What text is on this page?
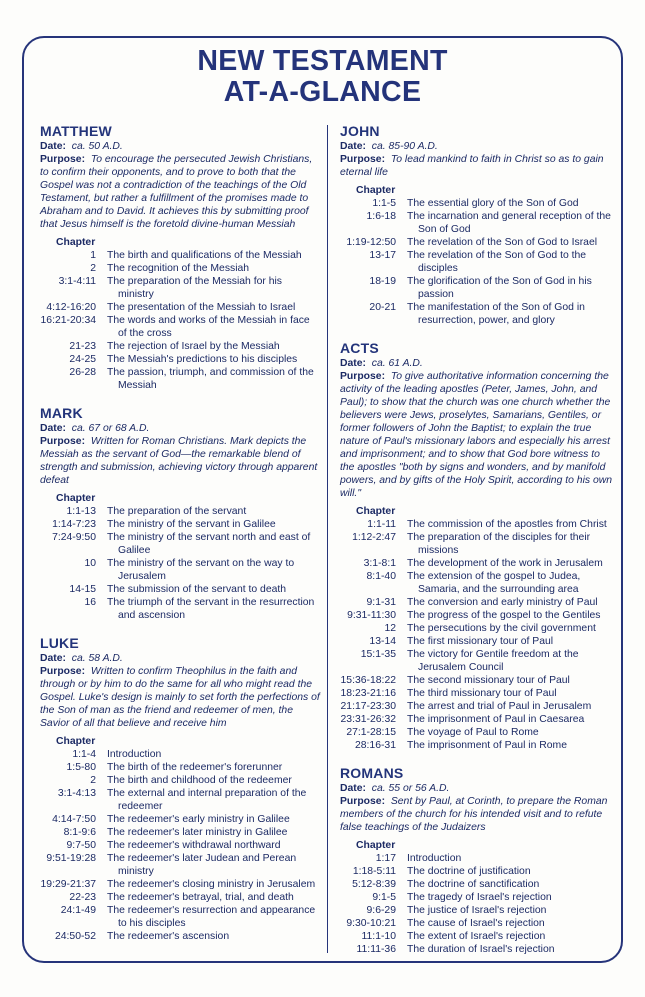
NEW TESTAMENT
AT-A-GLANCE
MATTHEW

Date: ca. 50 A.D.

Purpose: To encourage the persecuted Jewish Christians, to confirm their opponents, and to prove to both that the Gospel was not a contradiction of the teachings of the Old Testament, but rather a fulfillment of the promises made to Abraham and to David. It achieves this by submitting proof that Jesus himself is the foretold divine-human Messiah

Chapter
1	The birth and qualifications of the Messiah
2	The recognition of the Messiah
3:1-4:11	The preparation of the Messiah for his ministry
4:12-16:20	The presentation of the Messiah to Israel
16:21-20:34	The words and works of the Messiah in face of the cross
21-23	The rejection of Israel by the Messiah
24-25	The Messiah's predictions to his disciples
26-28	The passion, triumph, and commission of the Messiah
MARK

Date: ca. 67 or 68 A.D.

Purpose: Written for Roman Christians. Mark depicts the Messiah as the servant of God—the remarkable blend of strength and submission, achieving victory through apparent defeat

Chapter
1:1-13	The preparation of the servant
1:14-7:23	The ministry of the servant in Galilee
7:24-9:50	The ministry of the servant north and east of Galilee
10	The ministry of the servant on the way to Jerusalem
14-15	The submission of the servant to death
16	The triumph of the servant in the resurrection and ascension
LUKE

Date: ca. 58 A.D.

Purpose: Written to confirm Theophilus in the faith and through or by him to do the same for all who might read the Gospel. Luke's design is mainly to set forth the perfections of the Son of man as the friend and redeemer of men, the Savior of all that believe and receive him

Chapter
1:1-4	Introduction
1:5-80	The birth of the redeemer's forerunner
2	The birth and childhood of the redeemer
3:1-4:13	The external and internal preparation of the redeemer
4:14-7:50	The redeemer's early ministry in Galilee
8:1-9:6	The redeemer's later ministry in Galilee
9:7-50	The redeemer's withdrawal northward
9:51-19:28	The redeemer's later Judean and Perean ministry
19:29-21:37	The redeemer's closing ministry in Jerusalem
22-23	The redeemer's betrayal, trial, and death
24:1-49	The redeemer's resurrection and appearance to his disciples
24:50-52	The redeemer's ascension
JOHN

Date: ca. 85-90 A.D.

Purpose: To lead mankind to faith in Christ so as to gain eternal life

Chapter
1:1-5	The essential glory of the Son of God
1:6-18	The incarnation and general reception of the Son of God
1:19-12:50	The revelation of the Son of God to Israel
13-17	The revelation of the Son of God to the disciples
18-19	The glorification of the Son of God in his passion
20-21	The manifestation of the Son of God in resurrection, power, and glory
ACTS

Date: ca. 61 A.D.

Purpose: To give authoritative information concerning the activity of the leading apostles (Peter, James, John, and Paul); to show that the church was one church whether the believers were Jews, proselytes, Samarians, Gentiles, or former followers of John the Baptist; to explain the true nature of Paul's missionary labors and especially his arrest and imprisonment; and to show that God bore witness to the apostles "both by signs and wonders, and by manifold powers, and by gifts of the Holy Spirit, according to his own will."

Chapter
1:1-11	The commission of the apostles from Christ
1:12-2:47	The preparation of the disciples for their missions
3:1-8:1	The development of the work in Jerusalem
8:1-40	The extension of the gospel to Judea, Samaria, and the surrounding area
9:1-31	The conversion and early ministry of Paul
9:31-11:30	The progress of the gospel to the Gentiles
12	The persecutions by the civil government
13-14	The first missionary tour of Paul
15:1-35	The victory for Gentile freedom at the Jerusalem Council
15:36-18:22	The second missionary tour of Paul
18:23-21:16	The third missionary tour of Paul
21:17-23:30	The arrest and trial of Paul in Jerusalem
23:31-26:32	The imprisonment of Paul in Caesarea
27:1-28:15	The voyage of Paul to Rome
28:16-31	The imprisonment of Paul in Rome
ROMANS

Date: ca. 55 or 56 A.D.

Purpose: Sent by Paul, at Corinth, to prepare the Roman members of the church for his intended visit and to refute false teachings of the Judaizers

Chapter
1:17	Introduction
1:18-5:11	The doctrine of justification
5:12-8:39	The doctrine of sanctification
9:1-5	The tragedy of Israel's rejection
9:6-29	The justice of Israel's rejection
9:30-10:21	The cause of Israel's rejection
11:1-10	The extent of Israel's rejection
11:11-36	The duration of Israel's rejection
